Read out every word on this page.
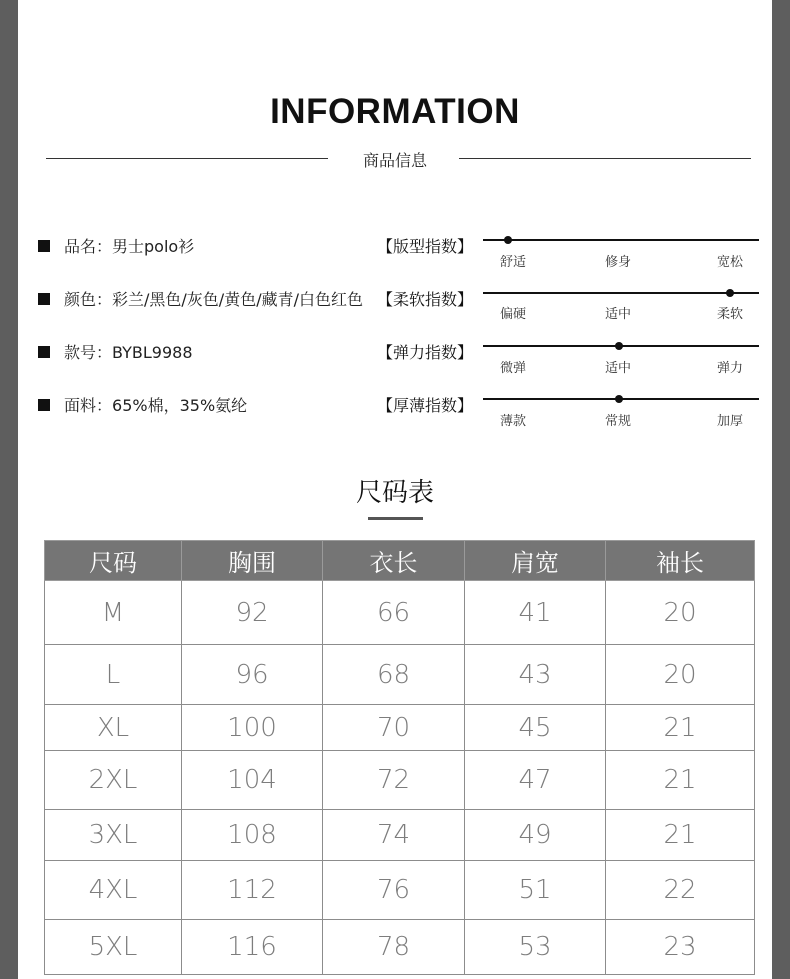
INFORMATION
商品信息
品名：男士polo衫
颜色：彩兰/黑色/灰色/黄色/藏青/白色红色
款号：BYBL9988
面料：65%棉，35%氨纶
【版型指数】
舒适	修身	宽松
【柔软指数】
偏硬	适中	柔软
【弹力指数】
微弹	适中	弹力
【厚薄指数】
薄款	常规	加厚
尺码表
尺码	胸围	衣长	肩宽	袖长
M	92	66	41	20
L	96	68	43	20
XL	100	70	45	21
2XL	104	72	47	21
3XL	108	74	49	21
4XL	112	76	51	22
5XL	116	78	53	23
